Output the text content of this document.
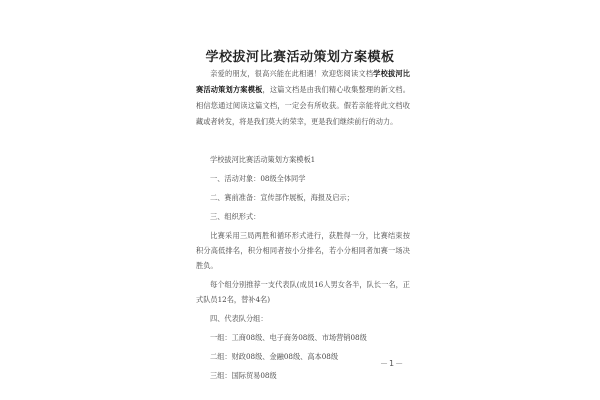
学校拔河比赛活动策划方案模板

亲爱的朋友，很高兴能在此相遇！欢迎您阅读文档学校拔河比赛活动策划方案模板，这篇文档是由我们精心收集整理的新文档。相信您通过阅读这篇文档，一定会有所收获。假若亲能将此文档收藏或者转发，将是我们莫大的荣幸，更是我们继续前行的动力。

学校拔河比赛活动策划方案模板1

一、活动对象：08级全体同学

二、赛前准备：宣传部作展板，海报及启示；

三、组织形式：

比赛采用三局两胜和循环形式进行，获胜得一分，比赛结束按积分高低排名，积分相同者按小分排名，若小分相同者加赛一场决胜负。

每个组分别推荐一支代表队(成员16人男女各半，队长一名，正式队员12名，替补4名)

四、代表队分组：

一组：工商08级、电子商务08级、市场营销08级

二组：财政08级、金融08级、高本08级

三组：国际贸易08级

－1－
